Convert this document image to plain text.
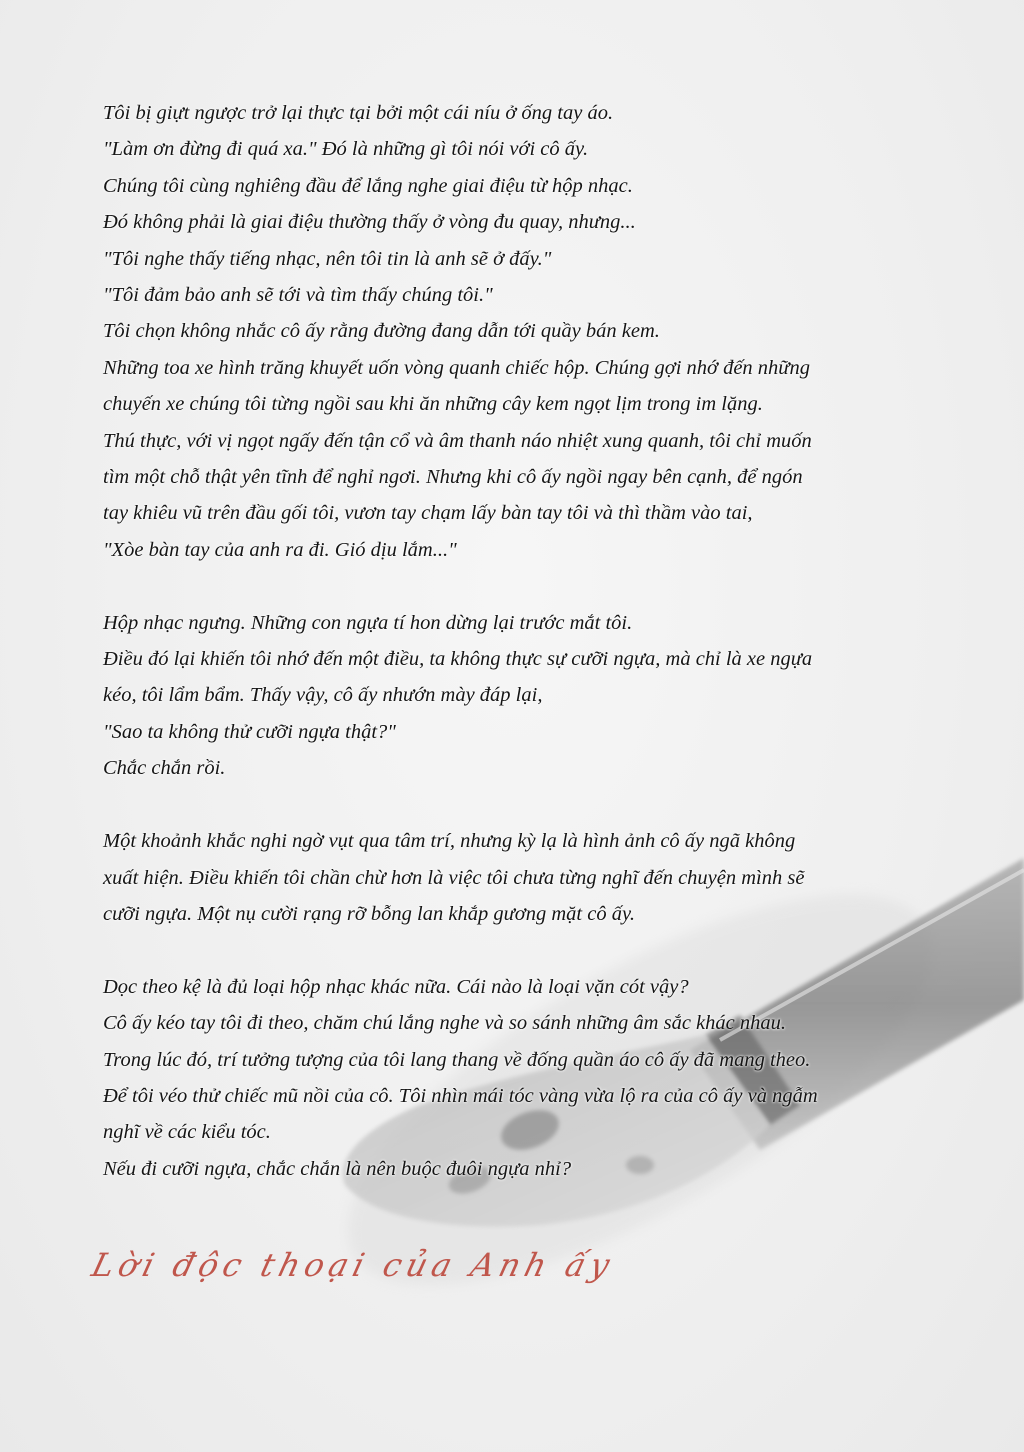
Tôi bị giựt ngược trở lại thực tại bởi một cái níu ở ống tay áo.
"Làm ơn đừng đi quá xa." Đó là những gì tôi nói với cô ấy.
Chúng tôi cùng nghiêng đầu để lắng nghe giai điệu từ hộp nhạc.
Đó không phải là giai điệu thường thấy ở vòng đu quay, nhưng...
"Tôi nghe thấy tiếng nhạc, nên tôi tin là anh sẽ ở đấy."
"Tôi đảm bảo anh sẽ tới và tìm thấy chúng tôi."
Tôi chọn không nhắc cô ấy rằng đường đang dẫn tới quầy bán kem.
Những toa xe hình trăng khuyết uốn vòng quanh chiếc hộp. Chúng gợi nhớ đến những
chuyến xe chúng tôi từng ngồi sau khi ăn những cây kem ngọt lịm trong im lặng.
Thú thực, với vị ngọt ngấy đến tận cổ và âm thanh náo nhiệt xung quanh, tôi chỉ muốn
tìm một chỗ thật yên tĩnh để nghỉ ngơi. Nhưng khi cô ấy ngồi ngay bên cạnh, để ngón
tay khiêu vũ trên đầu gối tôi, vươn tay chạm lấy bàn tay tôi và thì thầm vào tai,
"Xòe bàn tay của anh ra đi. Gió dịu lắm..."

Hộp nhạc ngưng. Những con ngựa tí hon dừng lại trước mắt tôi.
Điều đó lại khiến tôi nhớ đến một điều, ta không thực sự cưỡi ngựa, mà chỉ là xe ngựa
kéo, tôi lẩm bẩm. Thấy vậy, cô ấy nhướn mày đáp lại,
"Sao ta không thử cưỡi ngựa thật?"
Chắc chắn rồi.

Một khoảnh khắc nghi ngờ vụt qua tâm trí, nhưng kỳ lạ là hình ảnh cô ấy ngã không
xuất hiện. Điều khiến tôi chần chừ hơn là việc tôi chưa từng nghĩ đến chuyện mình sẽ
cưỡi ngựa. Một nụ cười rạng rỡ bỗng lan khắp gương mặt cô ấy.

Dọc theo kệ là đủ loại hộp nhạc khác nữa. Cái nào là loại vặn cót vậy?
Cô ấy kéo tay tôi đi theo, chăm chú lắng nghe và so sánh những âm sắc khác nhau.
Trong lúc đó, trí tưởng tượng của tôi lang thang về đống quần áo cô ấy đã mang theo.
Để tôi véo thử chiếc mũ nồi của cô. Tôi nhìn mái tóc vàng vừa lộ ra của cô ấy và ngẫm
nghĩ về các kiểu tóc.
Nếu đi cưỡi ngựa, chắc chắn là nên buộc đuôi ngựa nhỉ?

Lời độc thoại của Anh ấy
